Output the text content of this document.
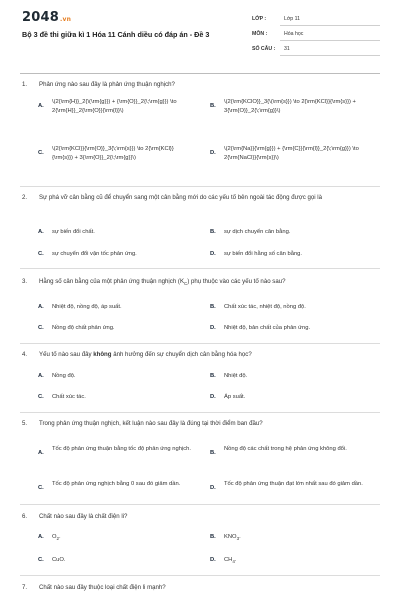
2048.vn
Bộ 3 đề thi giữa kì 1 Hóa 11 Cánh diều có đáp án - Đề 3
LỚP :	Lớp 11
MÔN :	Hóa học
SỐ CÂU : 31
1. Phản ứng nào sau đây là phản ứng thuận nghịch?
A.
\(2{\rm{H}}_2{\(\rm{g}}) + {\rm{O}}_2{\;\rm{g}}) \to 2{\rm{H}}_2{\rm{O}}{\rm{l}}\)
B.
\(2{\rm{KClO}}_3{\(\rm{s}}) \to 2{\rm{KCl}}{\rm{s}}) + 3{\rm{O}}_2{\;\rm{g}}\)
C.
\(2{\rm{KCl}}{\rm{O}}_3{\;\rm{s}}) \to 2{\rm{KCl}}{\rm{s}}) + 3{\rm{O}}_2{\;\rm{g}}\)
D.
\(2{\rm{Na}}{\rm{g}}) + {\rm{C}}{\rm{l}}_2{\;\rm{g}}) \to 2{\rm{NaCl}}{\rm{s}}\)
2. Sự phá vỡ cân bằng cũ để chuyển sang một cân bằng mới do các yếu tố bên ngoài tác động được gọi là
A. sự biến đổi chất.	B. sự dịch chuyển cân bằng.
C. sự chuyển đổi vận tốc phản ứng.	D. sự biến đổi hằng số cân bằng.
3. Hằng số cân bằng của một phản ứng thuận nghịch $(K_C)$ phụ thuộc vào các yếu tố nào sau?
A. Nhiệt độ, nồng độ, áp suất.	B. Chất xúc tác, nhiệt độ, nồng độ.
C. Nồng độ chất phản ứng.	D. Nhiệt độ, bản chất của phản ứng.
4. Yếu tố nào sau đây không ảnh hưởng đến sự chuyển dịch cân bằng hóa học?
A. Nồng độ.	B. Nhiệt độ.
C. Chất xúc tác.	D. Áp suất.
5. Trong phản ứng thuận nghịch, kết luận nào sau đây là đúng tại thời điểm ban đầu?
A.
Tốc độ phản ứng thuận bằng tốc độ phản ứng nghịch.
B.
Nồng độ các chất trong hệ phản ứng không đổi.
C.
Tốc độ phản ứng nghịch bằng 0 sau đó giảm dần.
D.
Tốc độ phản ứng thuận đạt lớn nhất sau đó giảm dần.
6. Chất nào sau đây là chất điện li?
A. $O_2$.	B. $KNO_3$.
C. CuO.	D. $CH_4$.
7. Chất nào sau đây thuộc loại chất điện li mạnh?
